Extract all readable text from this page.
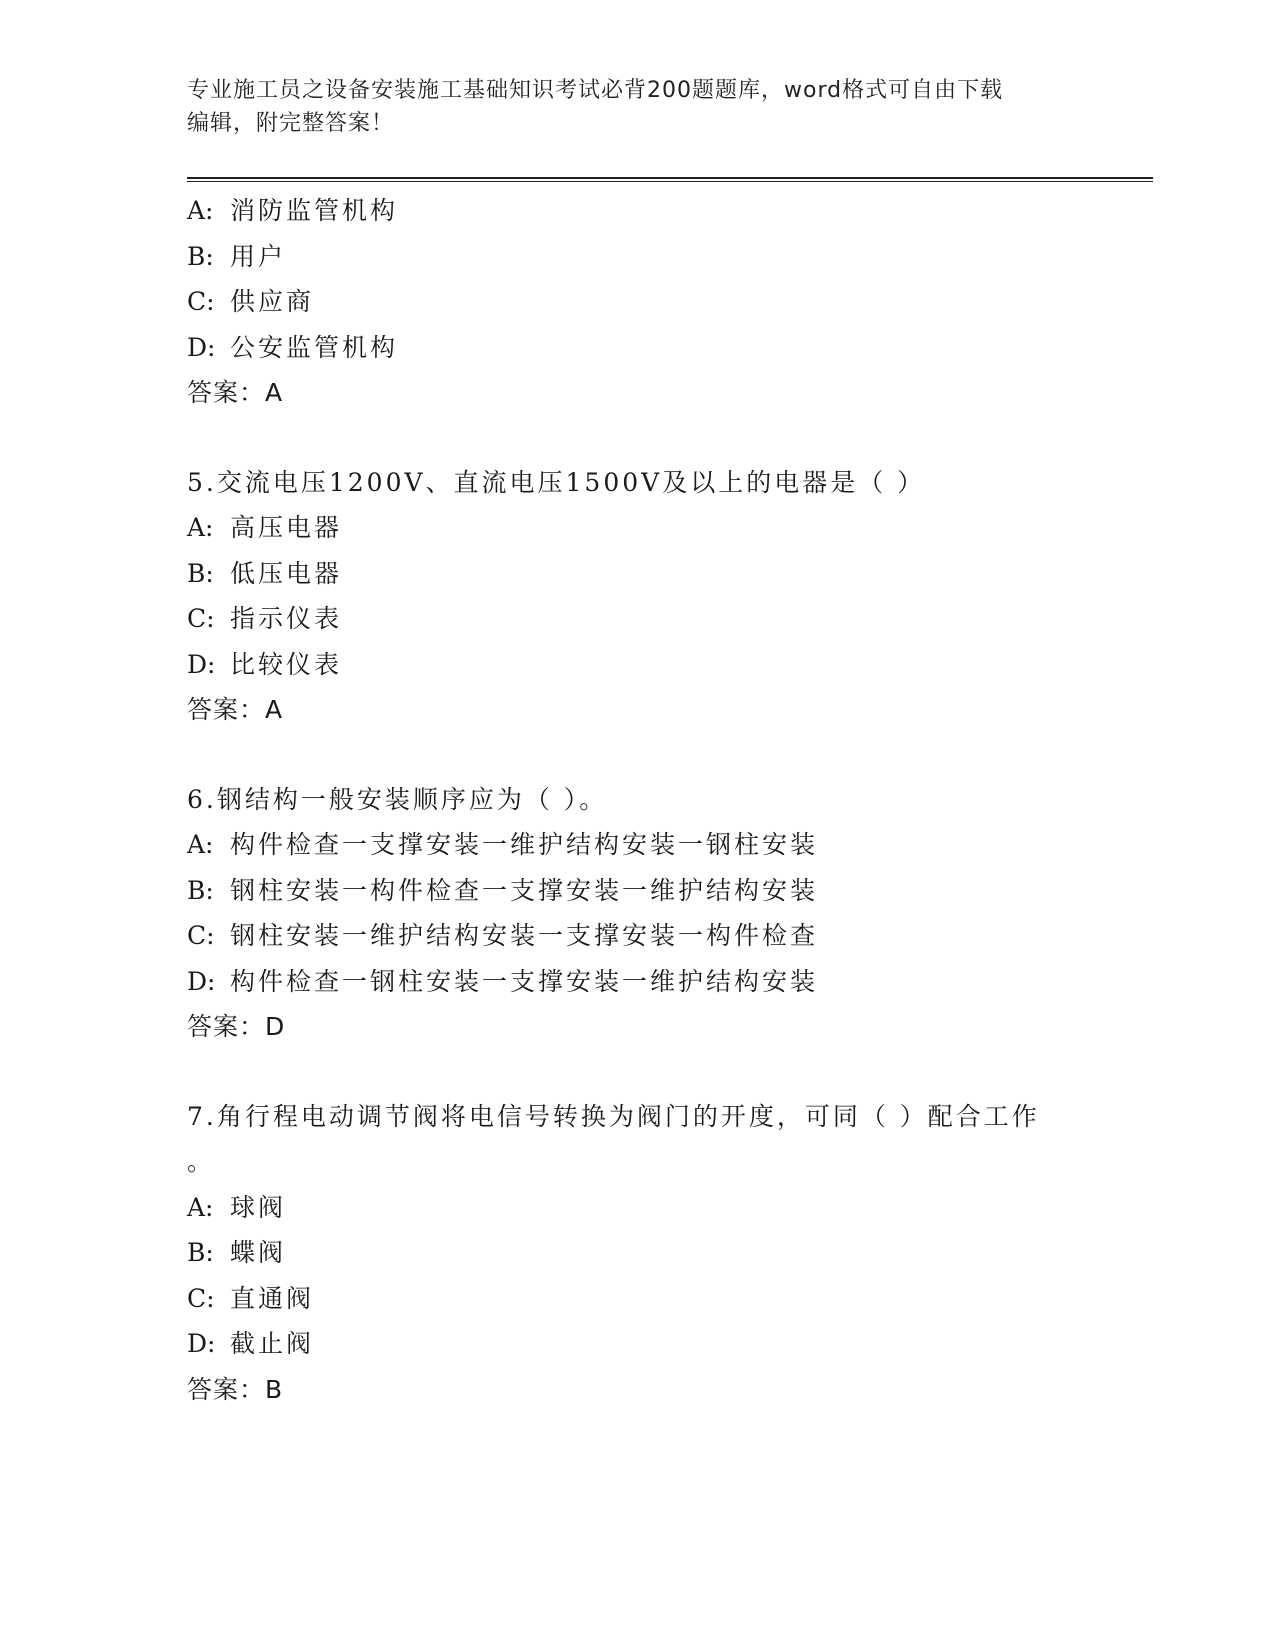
专业施工员之设备安装施工基础知识考试必背200题题库，word格式可自由下载
编辑，附完整答案！
A: 消防监管机构
B: 用户
C: 供应商
D: 公安监管机构
答案：A
5.交流电压1200V、直流电压1500V及以上的电器是（ ）
A: 高压电器
B: 低压电器
C: 指示仪表
D: 比较仪表
答案：A
6.钢结构一般安装顺序应为（ ）。
A: 构件检查一支撑安装一维护结构安装一钢柱安装
B: 钢柱安装一构件检查一支撑安装一维护结构安装
C: 钢柱安装一维护结构安装一支撑安装一构件检查
D: 构件检查一钢柱安装一支撑安装一维护结构安装
答案：D
7.角行程电动调节阀将电信号转换为阀门的开度，可同（ ）配合工作
。
A: 球阀
B: 蝶阀
C: 直通阀
D: 截止阀
答案：B
